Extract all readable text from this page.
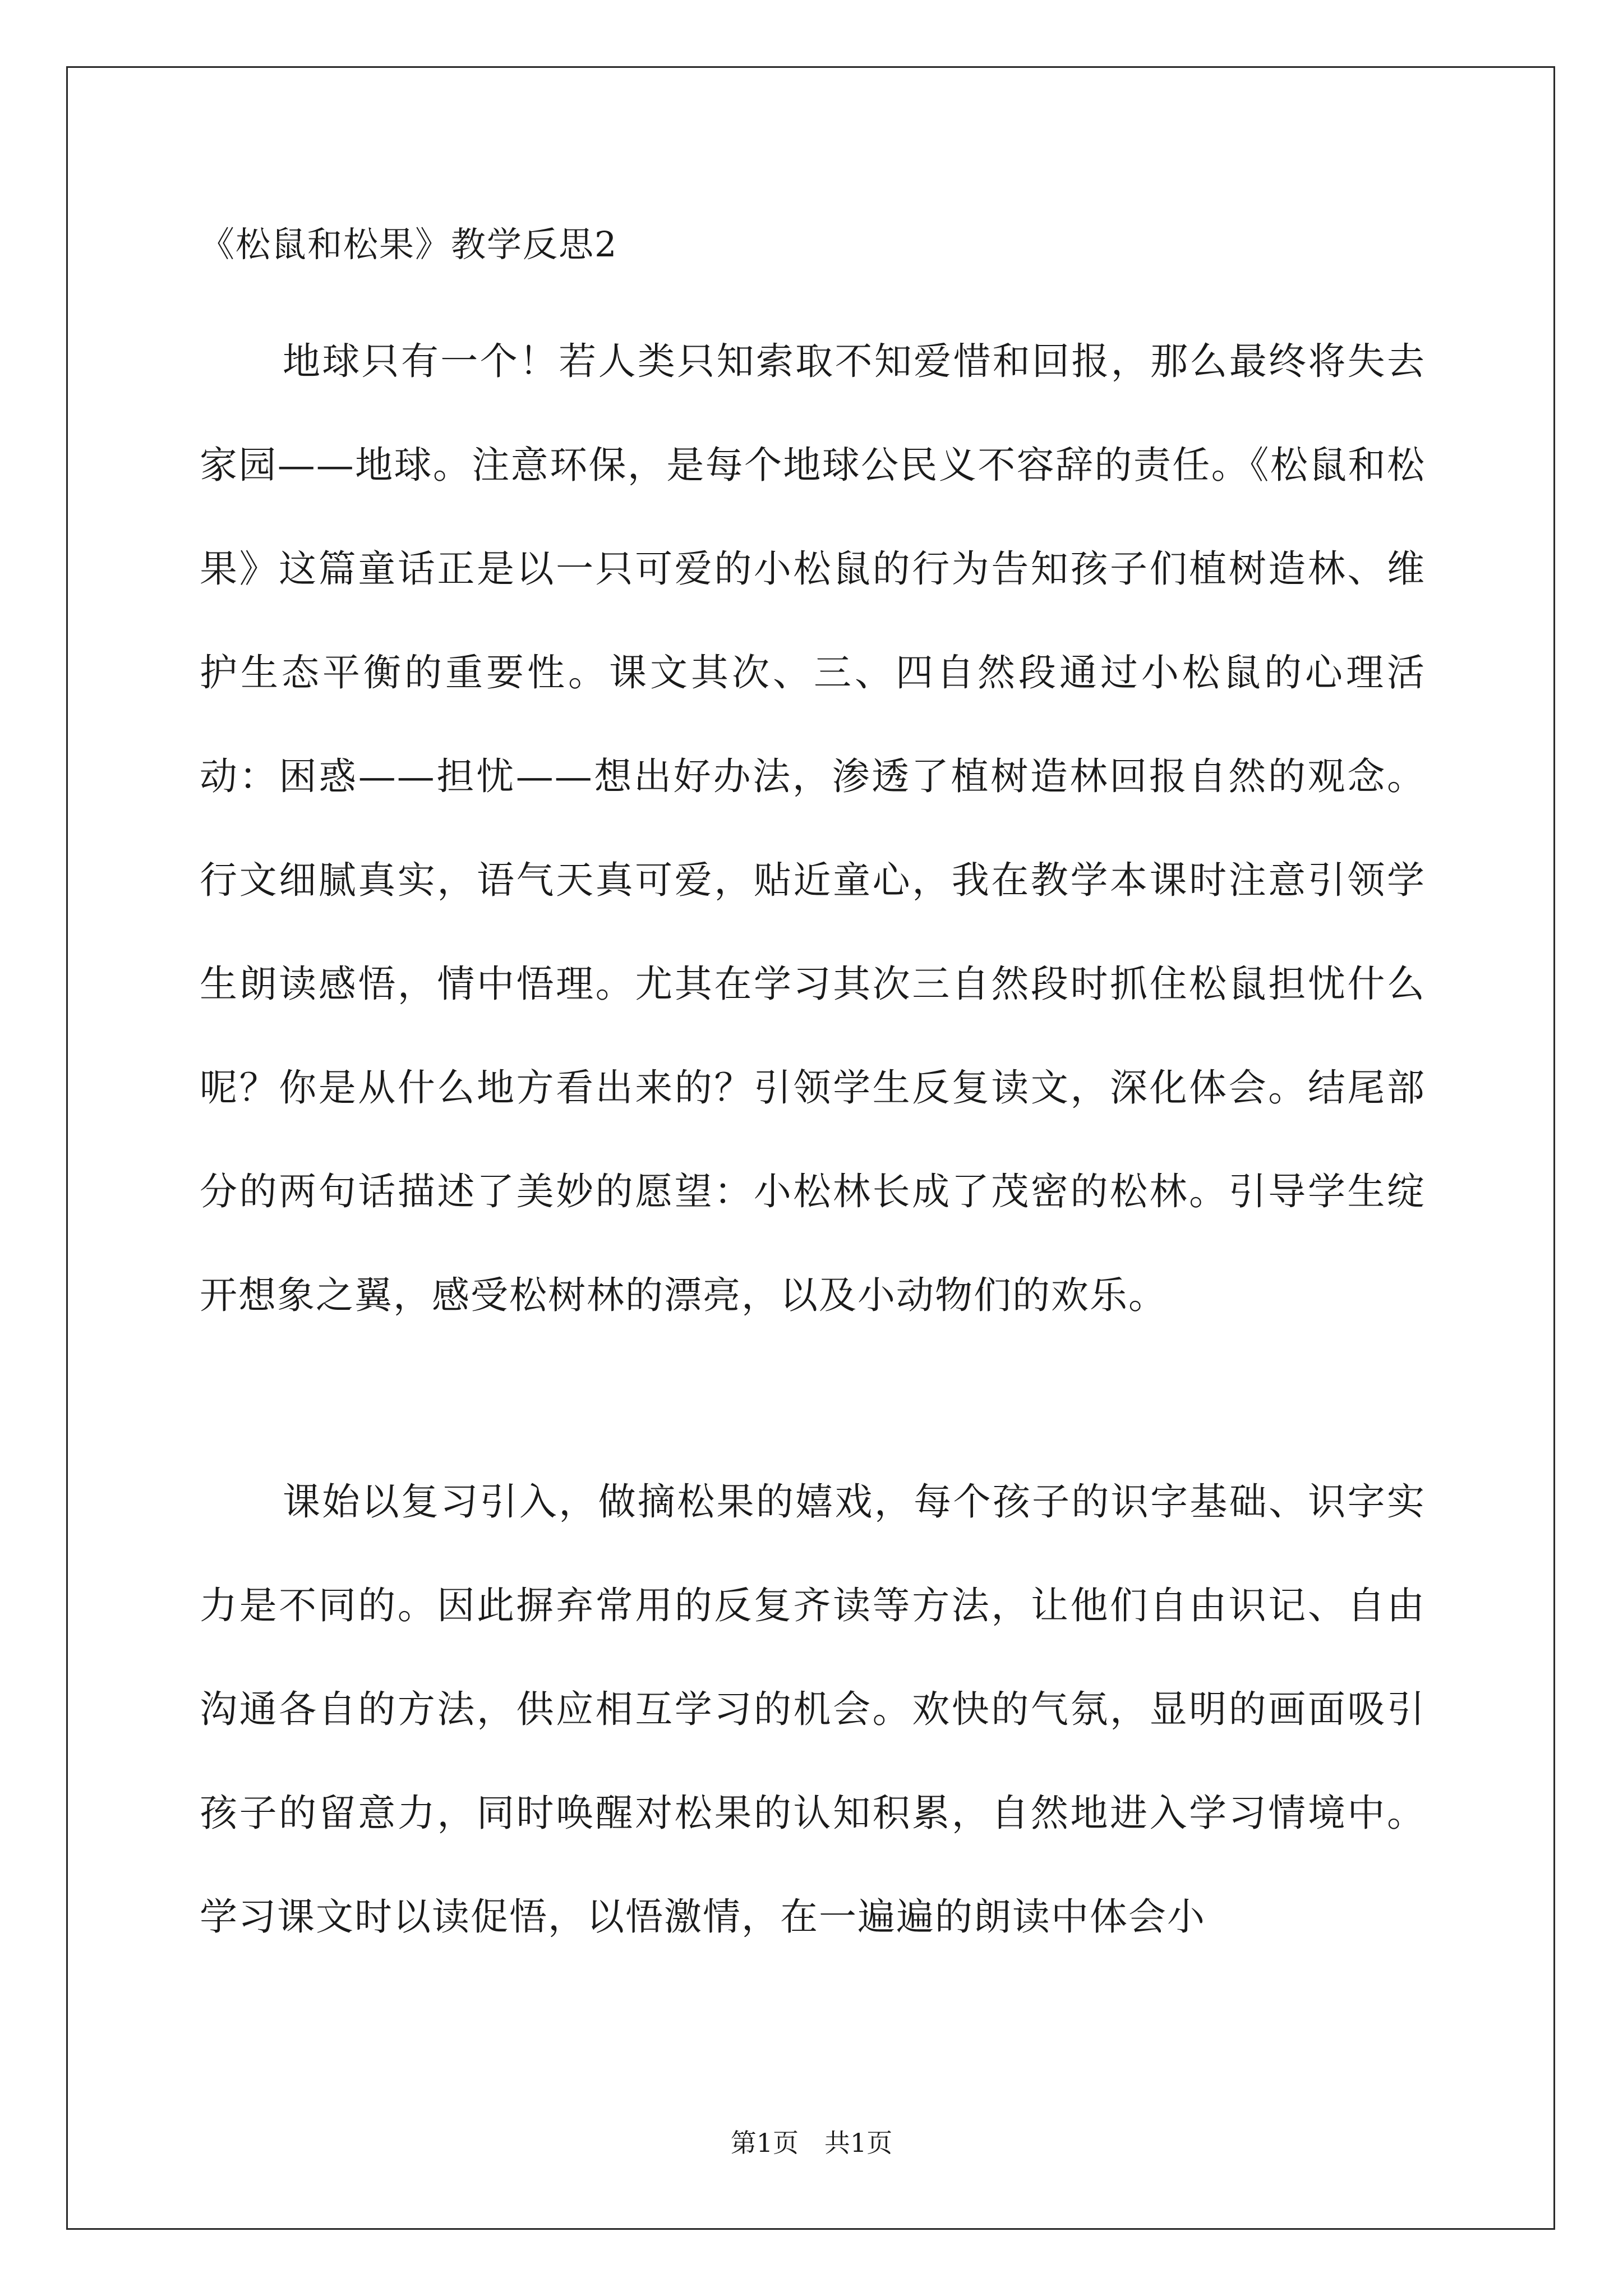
《松鼠和松果》教学反思2

地球只有一个！若人类只知索取不知爱惜和回报，那么最终将失去家园——地球。注意环保，是每个地球公民义不容辞的责任。《松鼠和松果》这篇童话正是以一只可爱的小松鼠的行为告知孩子们植树造林、维护生态平衡的重要性。课文其次、三、四自然段通过小松鼠的心理活动：困惑——担忧——想出好办法，渗透了植树造林回报自然的观念。行文细腻真实，语气天真可爱，贴近童心，我在教学本课时注意引领学生朗读感悟，情中悟理。尤其在学习其次三自然段时抓住松鼠担忧什么呢？你是从什么地方看出来的？引领学生反复读文，深化体会。结尾部分的两句话描述了美妙的愿望：小松林长成了茂密的松林。引导学生绽开想象之翼，感受松树林的漂亮，以及小动物们的欢乐。

课始以复习引入，做摘松果的嬉戏，每个孩子的识字基础、识字实力是不同的。因此摒弃常用的反复齐读等方法，让他们自由识记、自由沟通各自的方法，供应相互学习的机会。欢快的气氛，显明的画面吸引孩子的留意力，同时唤醒对松果的认知积累，自然地进入学习情境中。学习课文时以读促悟，以悟激情，在一遍遍的朗读中体会小

第1页 共1页
